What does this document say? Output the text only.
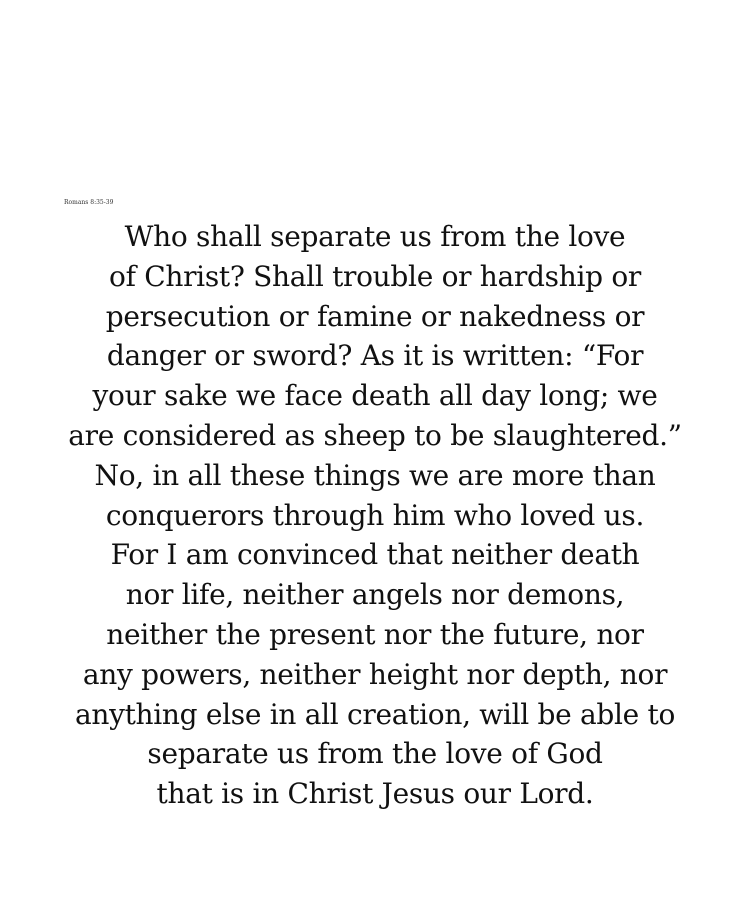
Romans 8:35-39
Who shall separate us from the love
of Christ? Shall trouble or hardship or
persecution or famine or nakedness or
danger or sword? As it is written: “For
your sake we face death all day long; we
are considered as sheep to be slaughtered.”
No, in all these things we are more than
conquerors through him who loved us.
For I am convinced that neither death
nor life, neither angels nor demons,
neither the present nor the future, nor
any powers, neither height nor depth, nor
anything else in all creation, will be able to
separate us from the love of God
that is in Christ Jesus our Lord.
